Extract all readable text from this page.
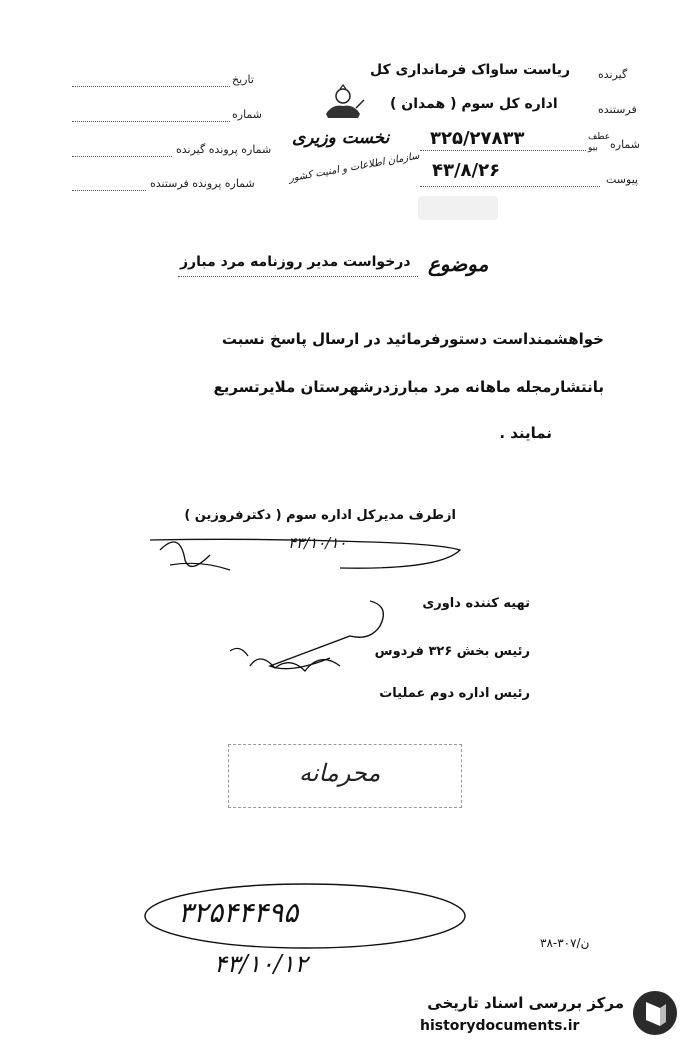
تاریخ
شماره
شماره پرونده گیرنده
شماره پرونده فرستنده
نخست وزیری
سازمان اطلاعات و امنیت کشور
گیرنده
ریاست ساواک فرمانداری کل
فرستنده
اداره کل سوم ( همدان )
شماره
عطف
بیو
۳۲۵/۲۷۸۳۳
پیوست
۴۳/۸/۲۶
موضوع
درخواست مدیر روزنامه مرد مبارز
خواهشمنداست دستورفرمائید در ارسال پاسخ نسبت
بانتشارمجله ماهانه مرد مبارزدرشهرستان ملایرتسریع
نمایند .
ازطرف مدیرکل اداره سوم ( دکترفروزین )
۴۳/۱۰/۱۰
تهیه کننده داوری
رئیس بخش ۳۲۶ فردوس
رئیس اداره دوم عملیات
محرمانه
۳۲۵۴۴۴۹۵
۴۳/۱۰/۱۲
۳۸-۳۰۷/ن
مرکز بررسی اسناد تاریخی
historydocuments.ir
